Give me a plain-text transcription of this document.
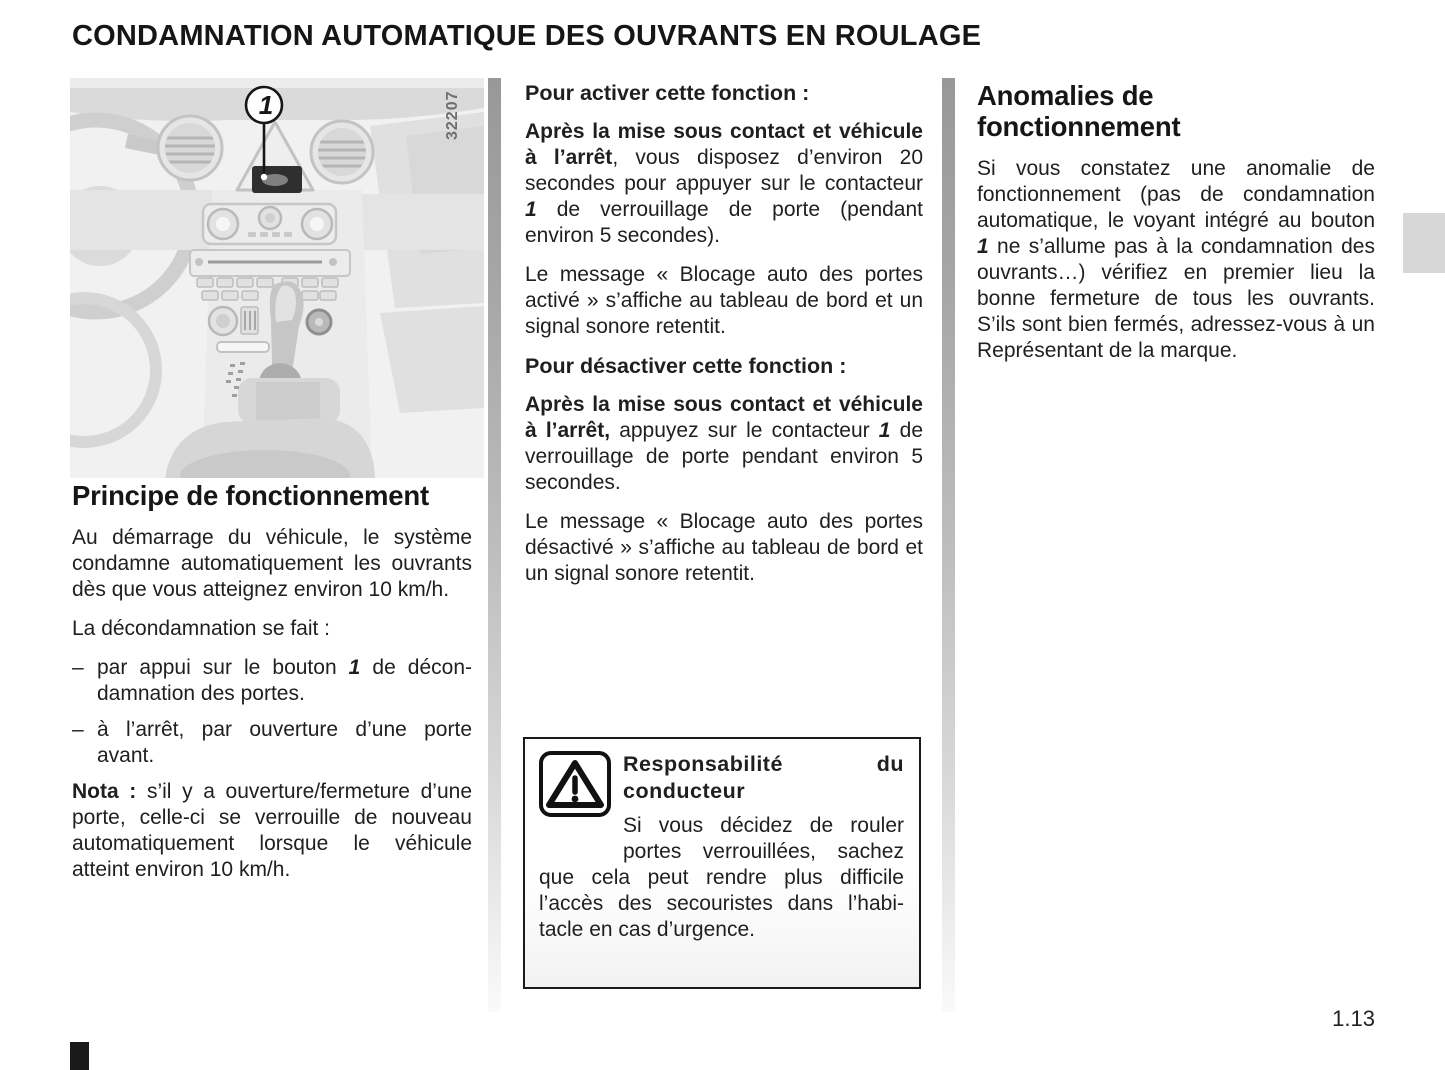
CONDAMNATION AUTOMATIQUE DES OUVRANTS EN ROULAGE
1	32207
Principe de fonctionnement

Au démarrage du véhicule, le système condamne automatiquement les ouvrants dès que vous atteignez environ 10 km/h.

La décondamnation se fait :

– par appui sur le bouton 1 de décondamnation des portes.
– à l’arrêt, par ouverture d’une porte avant.

Nota : s’il y a ouverture/fermeture d’une porte, celle-ci se verrouille de nouveau automatiquement lorsque le véhicule atteint environ 10 km/h.

Pour activer cette fonction :

Après la mise sous contact et véhicule à l’arrêt, vous disposez d’environ 20 secondes pour appuyer sur le contacteur 1 de verrouillage de porte (pendant environ 5 secondes).

Le message « Blocage auto des portes activé » s’affiche au tableau de bord et un signal sonore retentit.

Pour désactiver cette fonction :

Après la mise sous contact et véhicule à l’arrêt, appuyez sur le contacteur 1 de verrouillage de porte pendant environ 5 secondes.

Le message « Blocage auto des portes désactivé » s’affiche au tableau de bord et un signal sonore retentit.

Anomalies de
fonctionnement

Si vous constatez une anomalie de fonctionnement (pas de condamnation automatique, le voyant intégré au bouton 1 ne s’allume pas à la condamnation des ouvrants…) vérifiez en premier lieu la bonne fermeture de tous les ouvrants. S’ils sont bien fermés, adressez-vous à un Représentant de la marque.

Responsabilité du conducteur

Si vous décidez de rouler portes verrouillées, sachez que cela peut rendre plus difficile l’accès des secouristes dans l’habitacle en cas d’urgence.

1.13
